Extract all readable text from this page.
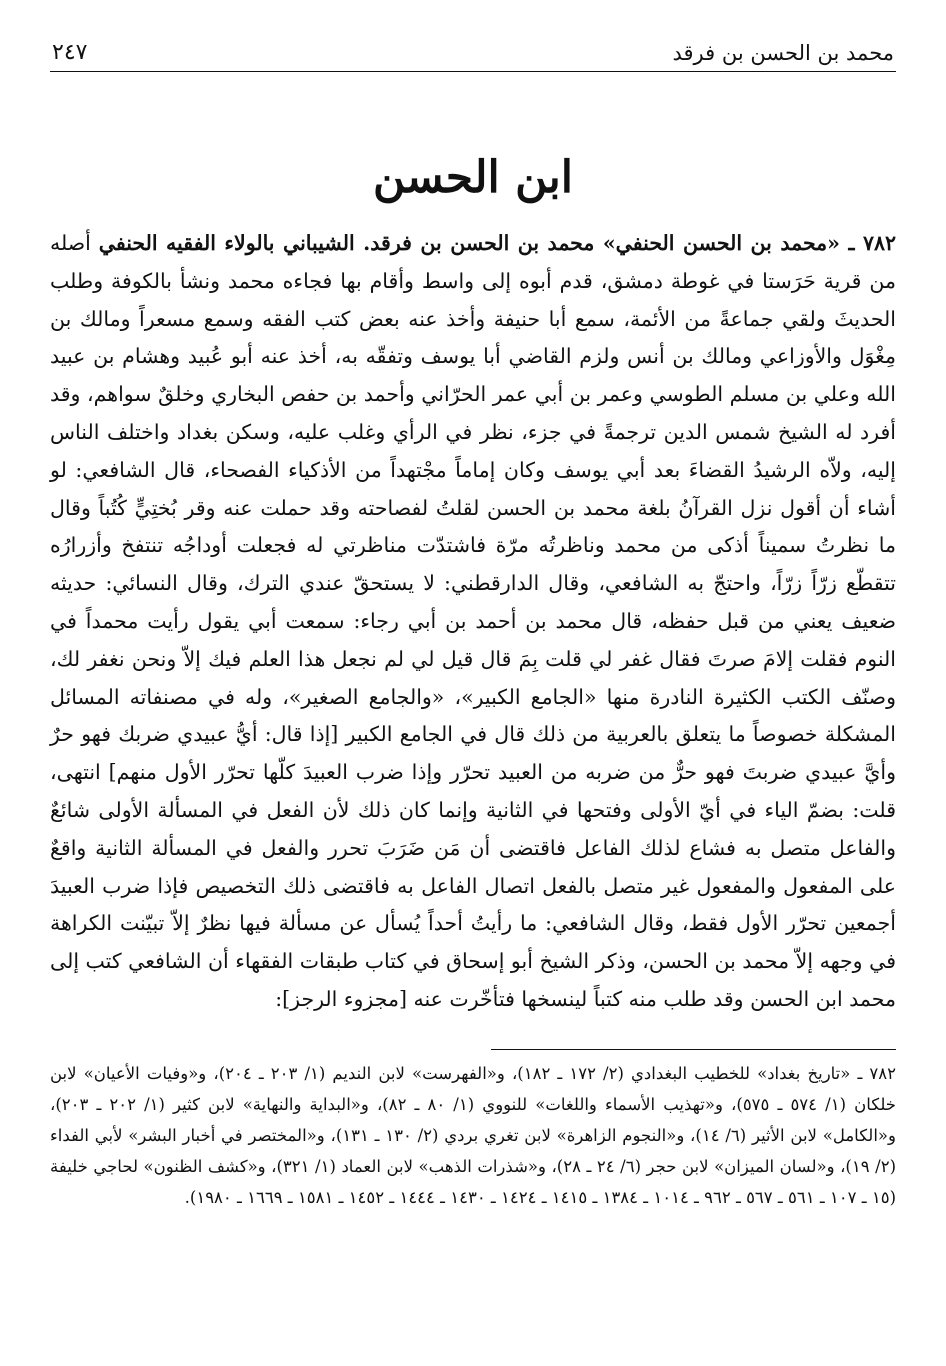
محمد بن الحسن بن فرقد
٢٤٧
ابن الحسن
٧٨٢ ـ «محمد بن الحسن الحنفي» محمد بن الحسن بن فرقد. الشيباني بالولاء الفقيه الحنفي أصله من قرية حَرَستا في غوطة دمشق، قدم أبوه إلى واسط وأقام بها فجاءه محمد ونشأ بالكوفة وطلب الحديثَ ولقي جماعةً من الأئمة، سمع أبا حنيفة وأخذ عنه بعض كتب الفقه وسمع مسعراً ومالك بن مِغْوَل والأوزاعي ومالك بن أنس ولزم القاضي أبا يوسف وتفقّه به، أخذ عنه أبو عُبيد وهشام بن عبيد الله وعلي بن مسلم الطوسي وعمر بن أبي عمر الحرّاني وأحمد بن حفص البخاري وخلقٌ سواهم، وقد أفرد له الشيخ شمس الدين ترجمةً في جزء، نظر في الرأي وغلب عليه، وسكن بغداد واختلف الناس إليه، ولاّه الرشيدُ القضاءَ بعد أبي يوسف وكان إماماً مجْتهداً من الأذكياء الفصحاء، قال الشافعي: لو أشاء أن أقول نزل القرآنُ بلغة محمد بن الحسن لقلتُ لفصاحته وقد حملت عنه وقر بُختِيٍّ كُتُباً وقال ما نظرتُ سميناً أذكى من محمد وناظرتُه مرّة فاشتدّت مناظرتي له فجعلت أوداجُه تنتفخ وأزرارُه تتقطّع زرّاً زرّاً، واحتجّ به الشافعي، وقال الدارقطني: لا يستحقّ عندي الترك، وقال النسائي: حديثه ضعيف يعني من قبل حفظه، قال محمد بن أحمد بن أبي رجاء: سمعت أبي يقول رأيت محمداً في النوم فقلت إلامَ صرتَ فقال غفر لي قلت بِمَ قال قيل لي لم نجعل هذا العلم فيك إلاّ ونحن نغفر لك، وصنّف الكتب الكثيرة النادرة منها «الجامع الكبير»، «والجامع الصغير»، وله في مصنفاته المسائل المشكلة خصوصاً ما يتعلق بالعربية من ذلك قال في الجامع الكبير [إذا قال: أيُّ عبيدي ضربك فهو حرٌ وأيَّ عبيدي ضربتَ فهو حرٌّ من ضربه من العبيد تحرّر وإذا ضرب العبيدَ كلّها تحرّر الأول منهم] انتهى، قلت: بضمّ الياء في أيّ الأولى وفتحها في الثانية وإنما كان ذلك لأن الفعل في المسألة الأولى شائعٌ والفاعل متصل به فشاع لذلك الفاعل فاقتضى أن مَن ضَرَبَ تحرر والفعل في المسألة الثانية واقعٌ على المفعول والمفعول غير متصل بالفعل اتصال الفاعل به فاقتضى ذلك التخصيص فإذا ضرب العبيدَ أجمعين تحرّر الأول فقط، وقال الشافعي: ما رأيتُ أحداً يُسأل عن مسألة فيها نظرٌ إلاّ تبيّنت الكراهة في وجهه إلاّ محمد بن الحسن، وذكر الشيخ أبو إسحاق في كتاب طبقات الفقهاء أن الشافعي كتب إلى محمد ابن الحسن وقد طلب منه كتباً لينسخها فتأخّرت عنه [مجزوء الرجز]:
٧٨٢ ـ «تاريخ بغداد» للخطيب البغدادي (٢/ ١٧٢ ـ ١٨٢)، و«الفهرست» لابن النديم (١/ ٢٠٣ ـ ٢٠٤)، و«وفيات الأعيان» لابن خلكان (١/ ٥٧٤ ـ ٥٧٥)، و«تهذيب الأسماء واللغات» للنووي (١/ ٨٠ ـ ٨٢)، و«البداية والنهاية» لابن كثير (١/ ٢٠٢ ـ ٢٠٣)، و«الكامل» لابن الأثير (٦/ ١٤)، و«النجوم الزاهرة» لابن تغري بردي (٢/ ١٣٠ ـ ١٣١)، و«المختصر في أخبار البشر» لأبي الفداء (٢/ ١٩)، و«لسان الميزان» لابن حجر (٦/ ٢٤ ـ ٢٨)، و«شذرات الذهب» لابن العماد (١/ ٣٢١)، و«كشف الظنون» لحاجي خليفة (١٥ ـ ١٠٧ ـ ٥٦١ ـ ٥٦٧ ـ ٩٦٢ ـ ١٠١٤ ـ ١٣٨٤ ـ ١٤١٥ ـ ١٤٢٤ ـ ١٤٣٠ ـ ١٤٤٤ ـ ١٤٥٢ ـ ١٥٨١ ـ ١٦٦٩ ـ ١٩٨٠).
